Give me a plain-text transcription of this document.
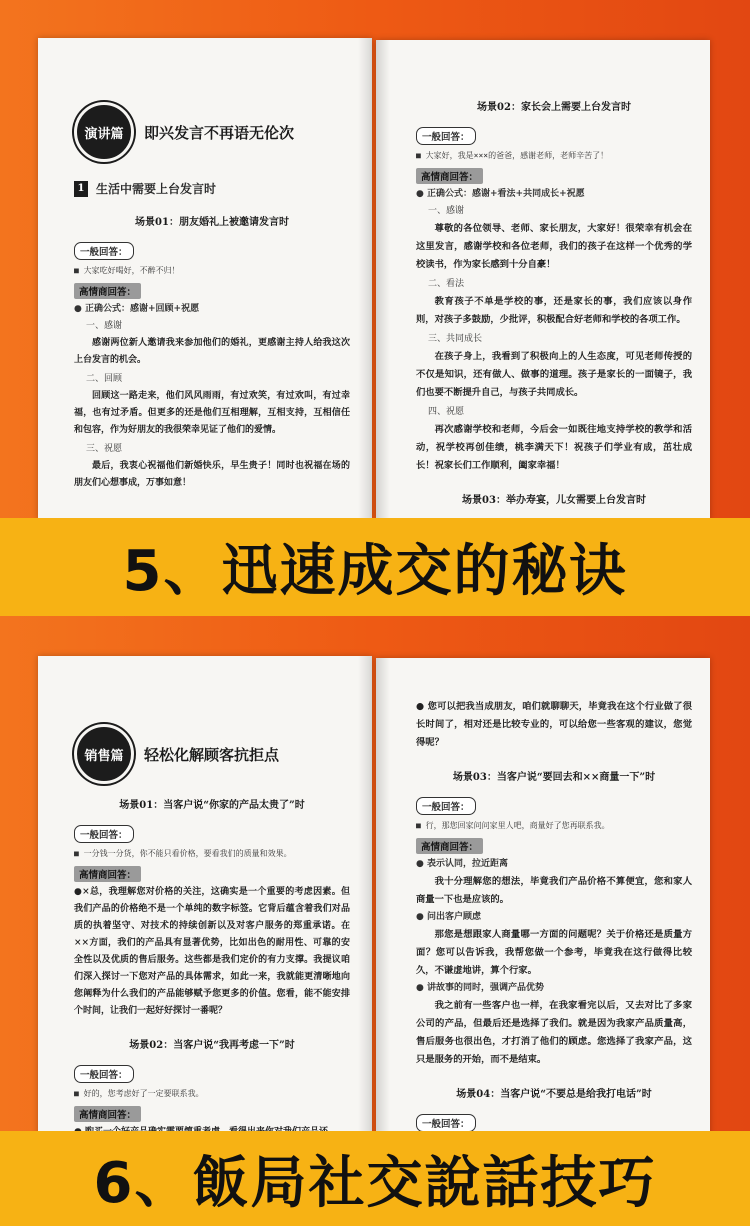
演讲篇	即兴发言不再语无伦次
1 生活中需要上台发言时
场景01：朋友婚礼上被邀请发言时
一般回答：
■ 大家吃好喝好，不醉不归！
高情商回答：
● 正确公式：感谢+回顾+祝愿
一、感谢

感谢两位新人邀请我来参加他们的婚礼，更感谢主持人给我这次上台发言的机会。

二、回顾

回顾这一路走来，他们风风雨雨，有过欢笑，有过欢叫，有过幸福，也有过矛盾。但更多的还是他们互相理解，互相支持，互相信任和包容，作为好朋友的我很荣幸见证了他们的爱情。

三、祝愿

最后，我衷心祝福他们新婚快乐，早生贵子！同时也祝福在场的朋友们心想事成，万事如意！

场景02：家长会上需要上台发言时
一般回答：
■ 大家好，我是×××的爸爸，感谢老师，老师辛苦了！
高情商回答：
● 正确公式：感谢+看法+共同成长+祝愿
一、感谢

尊敬的各位领导、老师、家长朋友，大家好！很荣幸有机会在这里发言，感谢学校和各位老师，我们的孩子在这样一个优秀的学校读书，作为家长感到十分自豪！

二、看法

教育孩子不单是学校的事，还是家长的事，我们应该以身作则，对孩子多鼓励，少批评，积极配合好老师和学校的各项工作。

三、共同成长

在孩子身上，我看到了积极向上的人生态度，可见老师传授的不仅是知识，还有做人、做事的道理。孩子是家长的一面镜子，我们也要不断提升自己，与孩子共同成长。

四、祝愿

再次感谢学校和老师，今后会一如既往地支持学校的教学和活动，祝学校再创佳绩，桃李满天下！祝孩子们学业有成，茁壮成长！祝家长们工作顺利，阖家幸福！

场景03：举办寿宴，儿女需要上台发言时
5、迅速成交的秘诀
销售篇	轻松化解顾客抗拒点
场景01：当客户说“你家的产品太贵了”时
一般回答：
■ 一分钱一分货，你不能只看价格，要看我们的质量和效果。
高情商回答：

●×总，我理解您对价格的关注，这确实是一个重要的考虑因素。但我们产品的价格绝不是一个单纯的数字标签。它背后蕴含着我们对品质的执着坚守、对技术的持续创新以及对客户服务的郑重承诺。在××方面，我们的产品具有显著优势，比如出色的耐用性、可靠的安全性以及优质的售后服务。这些都是我们定价的有力支撑。我提议咱们深入探讨一下您对产品的具体需求，如此一来，我就能更清晰地向您阐释为什么我们的产品能够赋予您更多的价值。您看，能不能安排个时间，让我们一起好好探讨一番呢？

场景02：当客户说“我再考虑一下”时
一般回答：
■ 好的，您考虑好了一定要联系我。
高情商回答：

● 您可以把我当成朋友，咱们就聊聊天，毕竟我在这个行业做了很长时间了，相对还是比较专业的，可以给您一些客观的建议，您觉得呢？

场景03：当客户说“要回去和××商量一下”时
一般回答：
■ 行，那您回家问问家里人吧，商量好了您再联系我。
高情商回答：
● 表示认同，拉近距离

我十分理解您的想法，毕竟我们产品价格不算便宜，您和家人商量一下也是应该的。

● 问出客户顾虑

那您是想跟家人商量哪一方面的问题呢？关于价格还是质量方面？您可以告诉我，我帮您做一个参考，毕竟我在这行做得比较久，不谦虚地讲，算个行家。

● 讲故事的同时，强调产品优势

我之前有一些客户也一样，在我家看完以后，又去对比了多家公司的产品，但最后还是选择了我们。就是因为我家产品质量高，售后服务也很出色，才打消了他们的顾虑。您选择了我家产品，这只是服务的开始，而不是结束。

场景04：当客户说“不要总是给我打电话”时
一般回答：
6、飯局社交說話技巧
